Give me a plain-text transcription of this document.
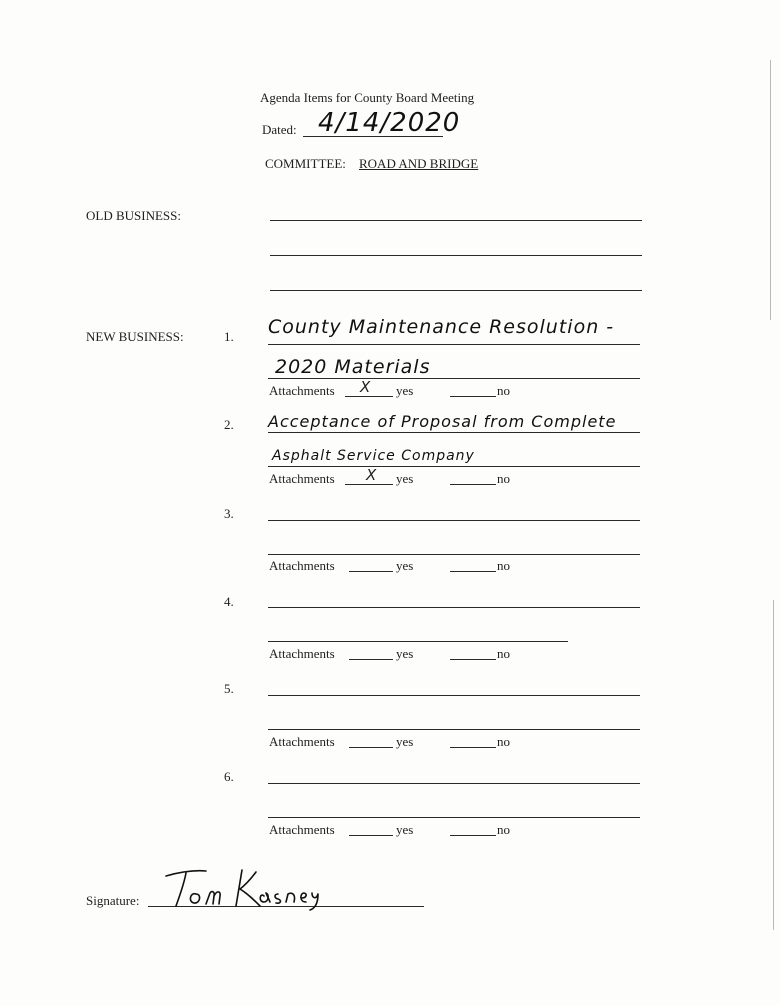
Agenda Items for County Board Meeting
Dated: 4/14/2020
COMMITTEE: ROAD AND BRIDGE
OLD BUSINESS:
NEW BUSINESS:	1. County Maintenance Resolution -
2020 Materials
Attachments X yes	no
2. Acceptance of Proposal from Complete
Asphalt Service Company
Attachments X yes	no
3.
Attachments	yes	no
4.
Attachments	yes	no
5.
Attachments	yes	no
6.
Attachments	yes	no
Signature:
